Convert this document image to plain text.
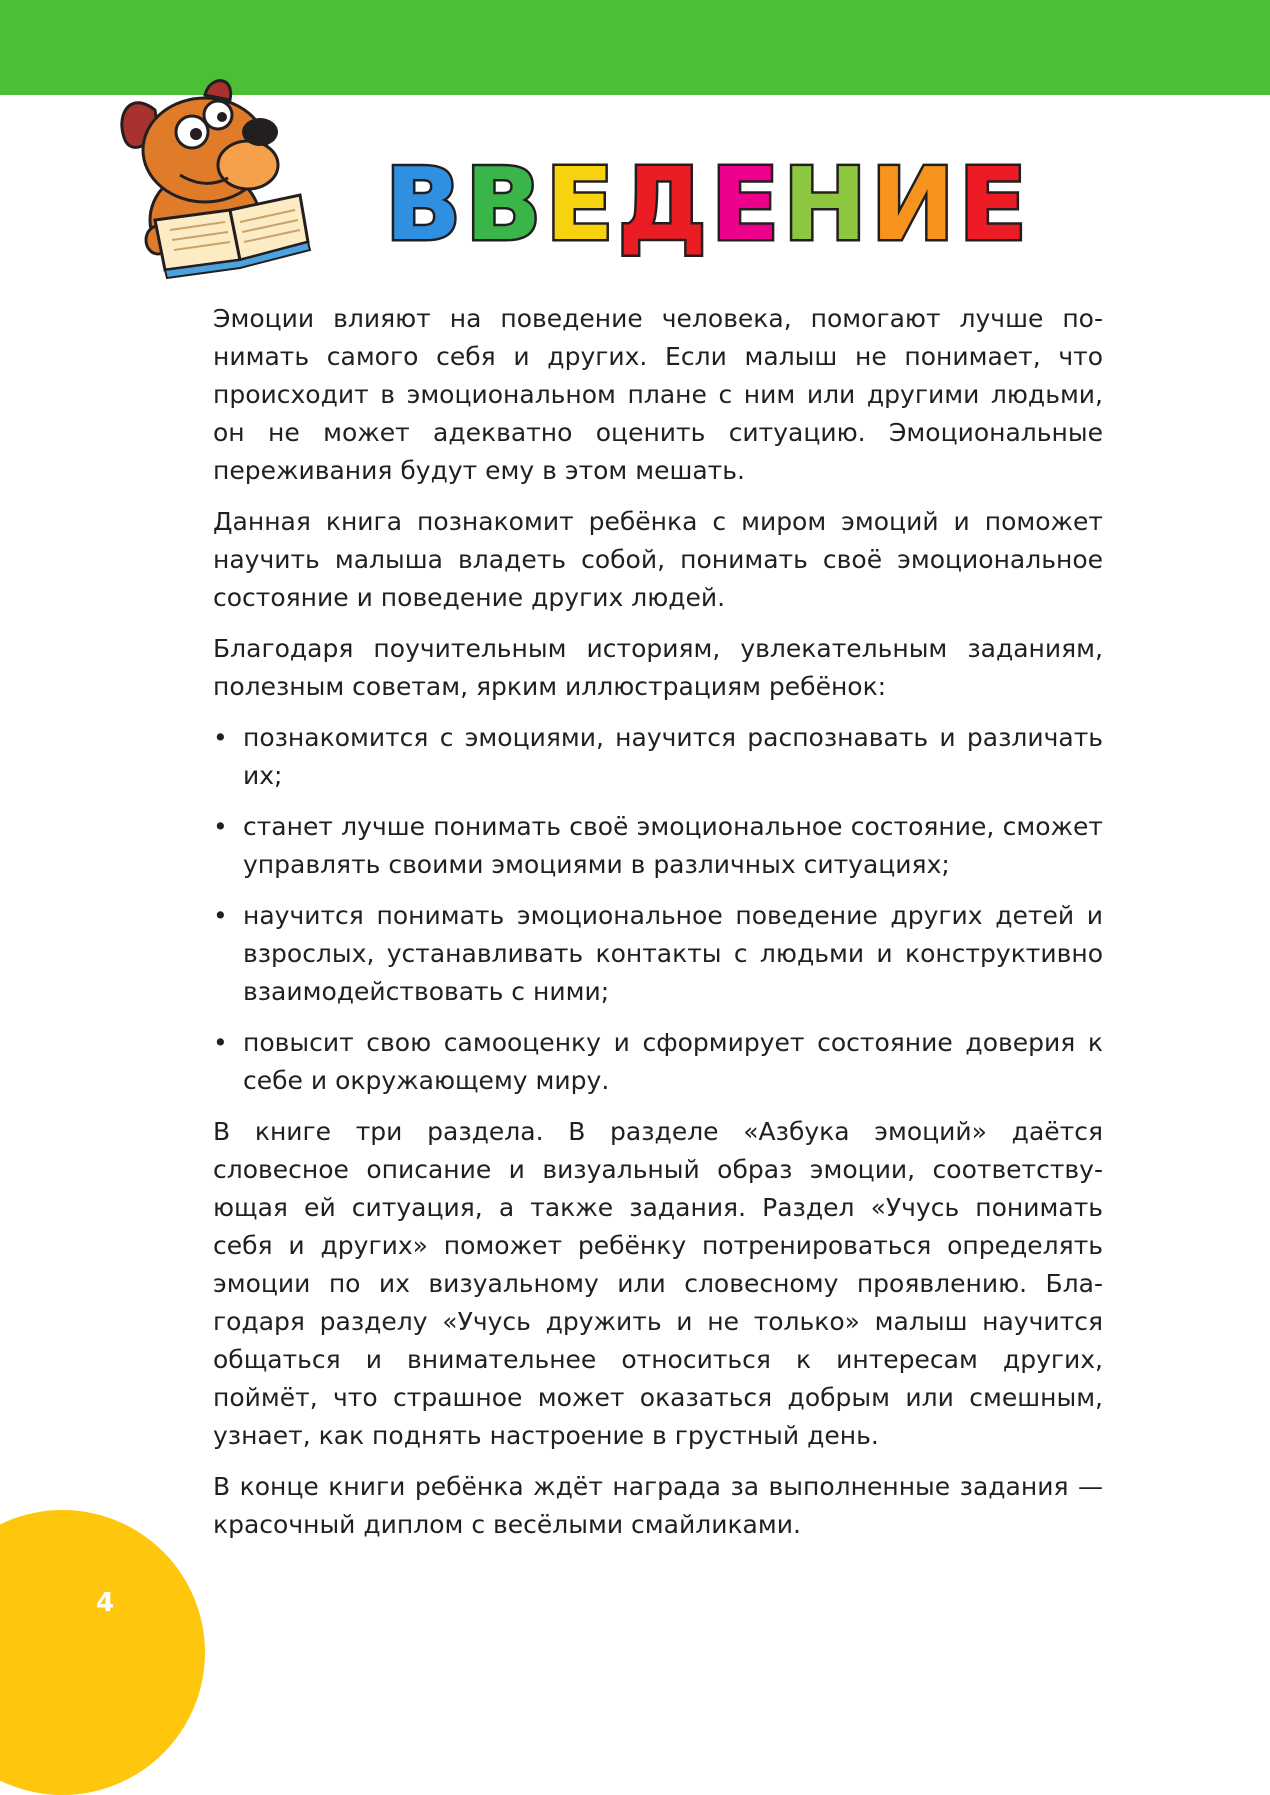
ВВЕДЕНИЕ

Эмоции влияют на поведение человека, помогают лучше понимать самого себя и других. Если малыш не понимает, что происходит в эмоциональном плане с ним или другими людьми, он не может адекватно оценить ситуацию. Эмоциональные переживания будут ему в этом мешать.

Данная книга познакомит ребёнка с миром эмоций и поможет научить малыша владеть собой, понимать своё эмоциональное состояние и поведение других людей.

Благодаря поучительным историям, увлекательным заданиям, полезным советам, ярким иллюстрациям ребёнок:

• познакомится с эмоциями, научится распознавать и различать их;
• станет лучше понимать своё эмоциональное состояние, сможет управлять своими эмоциями в различных ситуациях;
• научится понимать эмоциональное поведение других детей и взрослых, устанавливать контакты с людьми и конструктивно взаимодействовать с ними;
• повысит свою самооценку и сформирует состояние доверия к себе и окружающему миру.

В книге три раздела. В разделе «Азбука эмоций» даётся словесное описание и визуальный образ эмоции, соответствующая ей ситуация, а также задания. Раздел «Учусь понимать себя и других» поможет ребёнку потренироваться определять эмоции по их визуальному или словесному проявлению. Благодаря разделу «Учусь дружить и не только» малыш научится общаться и внимательнее относиться к интересам других, поймёт, что страшное может оказаться добрым или смешным, узнает, как поднять настроение в грустный день.

В конце книги ребёнка ждёт награда за выполненные задания — красочный диплом с весёлыми смайликами.

4
